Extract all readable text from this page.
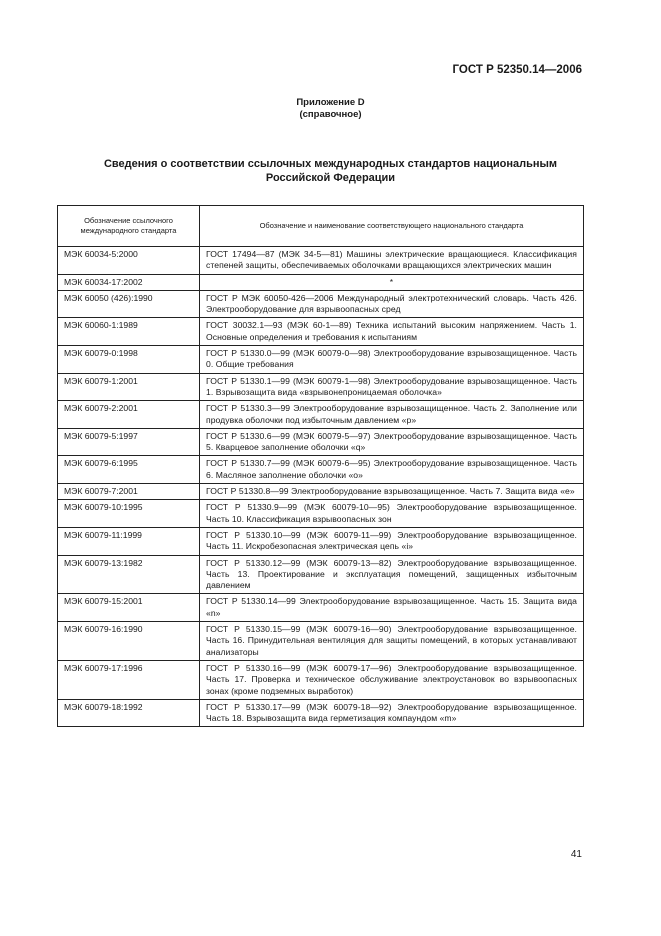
ГОСТ Р 52350.14—2006
Приложение D
(справочное)
Сведения о соответствии ссылочных международных стандартов национальным
Российской Федерации
Обозначение ссылочного международного стандарта	Обозначение и наименование соответствующего национального стандарта
МЭК 60034-5:2000	ГОСТ 17494—87 (МЭК 34-5—81) Машины электрические вращающиеся. Классификация степеней защиты, обеспечиваемых оболочками вращающихся электрических машин
МЭК 60034-17:2002	*
МЭК 60050 (426):1990	ГОСТ Р МЭК 60050-426—2006 Международный электротехнический словарь. Часть 426. Электрооборудование для взрывоопасных сред
МЭК 60060-1:1989	ГОСТ 30032.1—93 (МЭК 60-1—89) Техника испытаний высоким напряжением. Часть 1. Основные определения и требования к испытаниям
МЭК 60079-0:1998	ГОСТ Р 51330.0—99 (МЭК 60079-0—98) Электрооборудование взрывозащищенное. Часть 0. Общие требования
МЭК 60079-1:2001	ГОСТ Р 51330.1—99 (МЭК 60079-1—98) Электрооборудование взрывозащищенное. Часть 1. Взрывозащита вида «взрывонепроницаемая оболочка»
МЭК 60079-2:2001	ГОСТ Р 51330.3—99 Электрооборудование взрывозащищенное. Часть 2. Заполнение или продувка оболочки под избыточным давлением «р»
МЭК 60079-5:1997	ГОСТ Р 51330.6—99 (МЭК 60079-5—97) Электрооборудование взрывозащищенное. Часть 5. Кварцевое заполнение оболочки «q»
МЭК 60079-6:1995	ГОСТ Р 51330.7—99 (МЭК 60079-6—95) Электрооборудование взрывозащищенное. Часть 6. Масляное заполнение оболочки «о»
МЭК 60079-7:2001	ГОСТ Р 51330.8—99 Электрооборудование взрывозащищенное. Часть 7. Защита вида «е»
МЭК 60079-10:1995	ГОСТ Р 51330.9—99 (МЭК 60079-10—95) Электрооборудование взрывозащищенное. Часть 10. Классификация взрывоопасных зон
МЭК 60079-11:1999	ГОСТ Р 51330.10—99 (МЭК 60079-11—99) Электрооборудование взрывозащищенное. Часть 11. Искробезопасная электрическая цепь «i»
МЭК 60079-13:1982	ГОСТ Р 51330.12—99 (МЭК 60079-13—82) Электрооборудование взрывозащищенное. Часть 13. Проектирование и эксплуатация помещений, защищенных избыточным давлением
МЭК 60079-15:2001	ГОСТ Р 51330.14—99 Электрооборудование взрывозащищенное. Часть 15. Защита вида «n»
МЭК 60079-16:1990	ГОСТ Р 51330.15—99 (МЭК 60079-16—90) Электрооборудование взрывозащищенное. Часть 16. Принудительная вентиляция для защиты помещений, в которых устанавливают анализаторы
МЭК 60079-17:1996	ГОСТ Р 51330.16—99 (МЭК 60079-17—96) Электрооборудование взрывозащищенное. Часть 17. Проверка и техническое обслуживание электроустановок во взрывоопасных зонах (кроме подземных выработок)
МЭК 60079-18:1992	ГОСТ Р 51330.17—99 (МЭК 60079-18—92) Электрооборудование взрывозащищенное. Часть 18. Взрывозащита вида герметизация компаундом «m»
41
